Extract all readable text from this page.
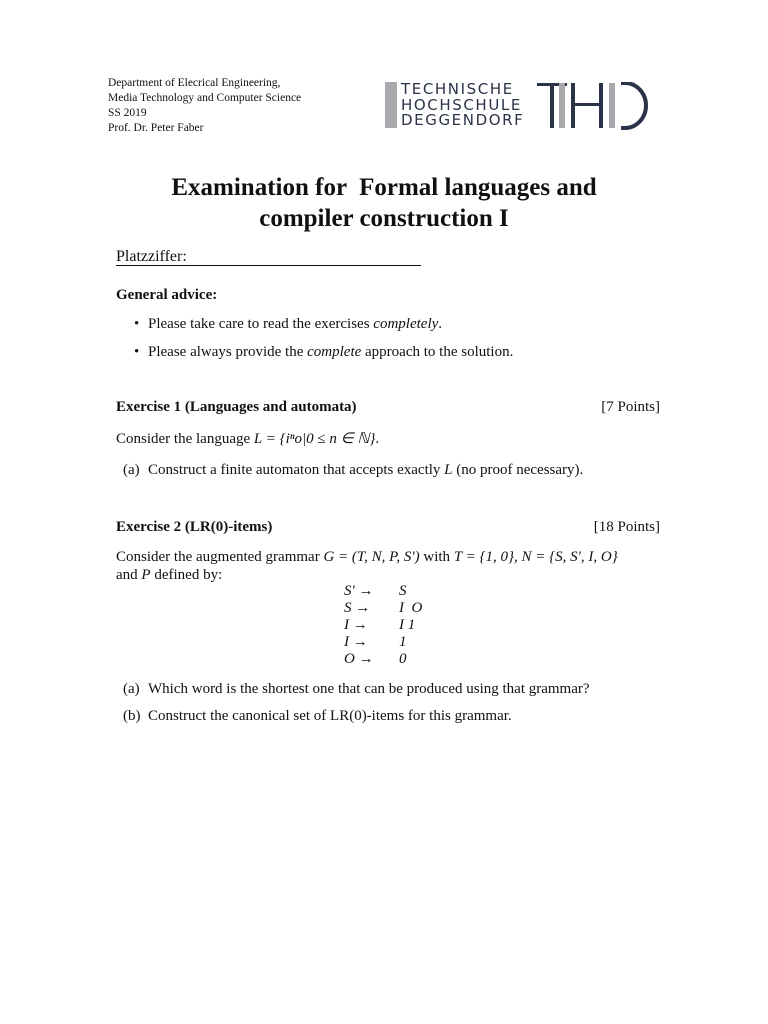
Department of Elecrical Engineering,
Media Technology and Computer Science
SS 2019
Prof. Dr. Peter Faber
TECHNISCHE
HOCHSCHULE
DEGGENDORF
Examination for  Formal languages and
compiler construction I
Platzziffer:
General advice:
• Please take care to read the exercises completely.
• Please always provide the complete approach to the solution.
Exercise 1 (Languages and automata)	[7 Points]
Consider the language L = {iⁿo|0 ≤ n ∈ ℕ}.
(a) Construct a finite automaton that accepts exactly L (no proof necessary).
Exercise 2 (LR(0)-items)	[18 Points]
Consider the augmented grammar G = (T, N, P, S′) with T = {1, 0}, N = {S, S′, I, O}
and P defined by:
S′ →	S
S →	I  O
I →	I 1
I →	1
O →	0
(a) Which word is the shortest one that can be produced using that grammar?
(b) Construct the canonical set of LR(0)-items for this grammar.
